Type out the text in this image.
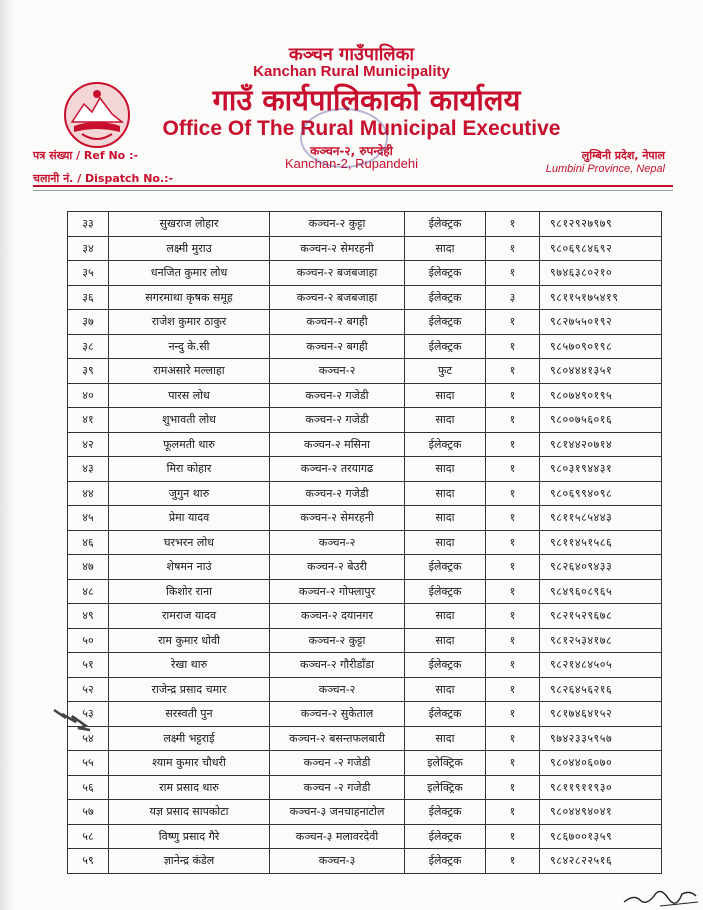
कञ्चन गाउँपालिका
Kanchan Rural Municipality
गाउँ कार्यपालिकाको कार्यालय
Office Of The Rural Municipal Executive
कञ्चन-२, रुपन्देही
Kanchan-2, Rupandehi
पत्र संख्या / Ref No :-
चलानी नं. / Dispatch No.:-
लुम्बिनी प्रदेश, नेपाल
Lumbini Province, Nepal
३३	सुखराज लोहार	कञ्चन-२ कुट्टा	ईलेक्ट्रक	१	९८१२९२७९७९
३४	लक्ष्मी मुराउ	कञ्चन-२ सेमरहनी	सादा	१	९८०६९८४६९२
३५	धनजित कुमार लोध	कञ्चन-२ बजबजाहा	ईलेक्ट्रक	१	९७४६३८०२१०
३६	सगरमाथा कृषक समूह	कञ्चन-२ बजबजाहा	ईलेक्ट्रक	३	९८११५१७५४१९
३७	राजेश कुमार ठाकुर	कञ्चन-२ बगही	ईलेक्ट्रक	१	९८२७५५०१९२
३८	नन्दु के.सी	कञ्चन-२ बगही	ईलेक्ट्रक	१	९८५७०९०१९८
३९	रामअसारे मल्लाहा	कञ्चन-२	फुट	१	९८०४४४१३५१
४०	पारस लोध	कञ्चन-२ गजेडी	सादा	१	९८०७४९०१९५
४१	शुभावती लोध	कञ्चन-२ गजेडी	सादा	१	९८००७५६०१६
४२	फूलमती थारु	कञ्चन-२ मसिना	ईलेक्ट्रक	१	९८१४४२०७१४
४३	मिरा कोहार	कञ्चन-२ तरयागढ	सादा	१	९८०३१९४४३१
४४	जुगुन थारु	कञ्चन-२ गजेडी	सादा	१	९८०६९९४०९८
४५	प्रेमा यादव	कञ्चन-२ सेमरहनी	सादा	१	९८११५८५४४३
४६	घरभरन लोध	कञ्चन-२	सादा	१	९८११४५१५८६
४७	शेषमन नाउं	कञ्चन-२ बेउरी	ईलेक्ट्रक	१	९८२६४०९४३३
४८	किशोर राना	कञ्चन-२ गोफ्लापुर	ईलेक्ट्रक	१	९८४९६०८९६५
४९	रामराज यादव	कञ्चन-२ दयानगर	सादा	१	९८२१५२९६७८
५०	राम कुमार धोवी	कञ्चन-२ कुट्टा	सादा	१	९८१२५३४१७८
५१	रेखा थारु	कञ्चन-२ गौरीडाँडा	ईलेक्ट्रक	१	९८२१४८४५०५
५२	राजेन्द्र प्रसाद चमार	कञ्चन-२	सादा	१	९८२६४५६२१६
५३	सरस्वती पुन	कञ्चन-२ सुकेताल	ईलेक्ट्रक	१	९८१७४६४१५२
५४	लक्ष्मी भट्टराई	कञ्चन-२ बसन्तफलबारी	सादा	१	९७४२३३५९५७
५५	श्याम कुमार चौधरी	कञ्चन -२ गजेडी	इलेक्ट्रिक	१	९८०४४०६०७०
५६	राम प्रसाद थारु	कञ्चन -२ गजेडी	इलेक्ट्रिक	१	९८११९११९३०
५७	यज्ञ प्रसाद सापकोटा	कञ्चन-३ जनचाहनाटोल	ईलेक्ट्रक	१	९८०४४९४०४१
५८	विष्णु प्रसाद गैरे	कञ्चन-३ मलावरदेवी	ईलेक्ट्रक	१	९८६७००१३५९
५९	ज्ञानेन्द्र कंडेल	कञ्चन-३	ईलेक्ट्रक	१	९८४२८२२५१६
